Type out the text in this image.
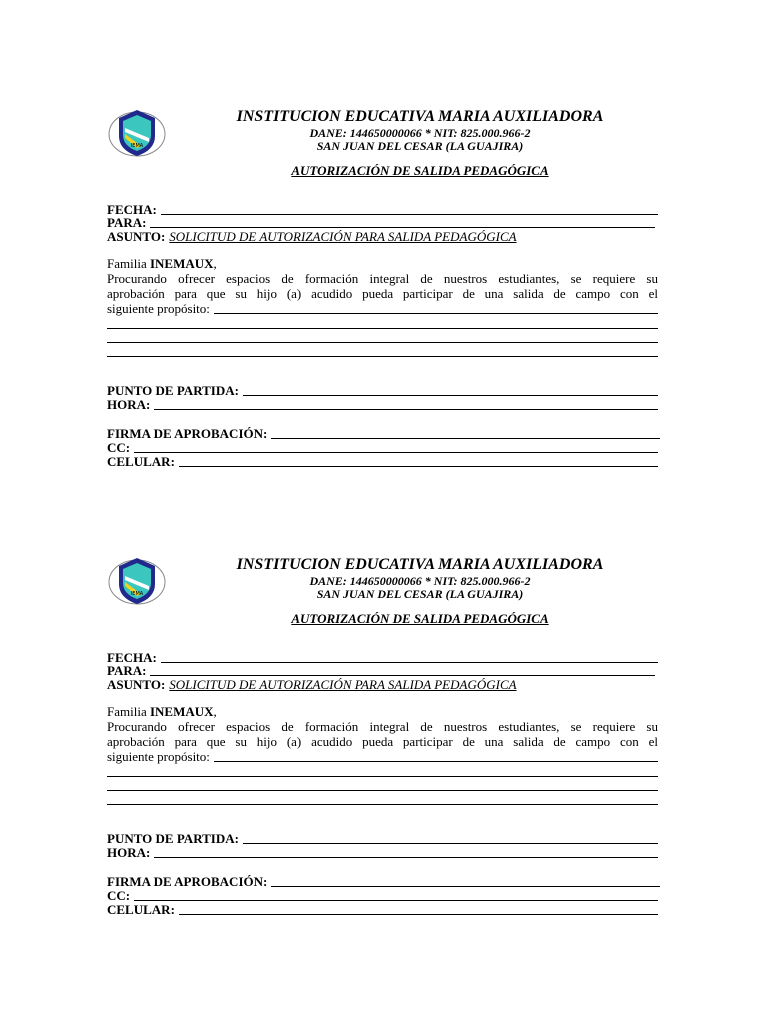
IEMA
INSTITUCION EDUCATIVA MARIA AUXILIADORA
DANE: 144650000066 * NIT: 825.000.966-2
SAN JUAN DEL CESAR (LA GUAJIRA)
AUTORIZACIÓN DE SALIDA PEDAGÓGICA
FECHA:
PARA:
ASUNTO: SOLICITUD DE AUTORIZACIÓN PARA SALIDA PEDAGÓGICA
Familia INEMAUX,
Procurando ofrecer espacios de formación integral de nuestros estudiantes, se requiere su
aprobación para que su hijo (a) acudido pueda participar de una salida de campo con el
siguiente propósito:
PUNTO DE PARTIDA:
HORA:
FIRMA DE APROBACIÓN:
CC:
CELULAR:
IEMA
INSTITUCION EDUCATIVA MARIA AUXILIADORA
DANE: 144650000066 * NIT: 825.000.966-2
SAN JUAN DEL CESAR (LA GUAJIRA)
AUTORIZACIÓN DE SALIDA PEDAGÓGICA
FECHA:
PARA:
ASUNTO: SOLICITUD DE AUTORIZACIÓN PARA SALIDA PEDAGÓGICA
Familia INEMAUX,
Procurando ofrecer espacios de formación integral de nuestros estudiantes, se requiere su
aprobación para que su hijo (a) acudido pueda participar de una salida de campo con el
siguiente propósito:
PUNTO DE PARTIDA:
HORA:
FIRMA DE APROBACIÓN:
CC:
CELULAR:
